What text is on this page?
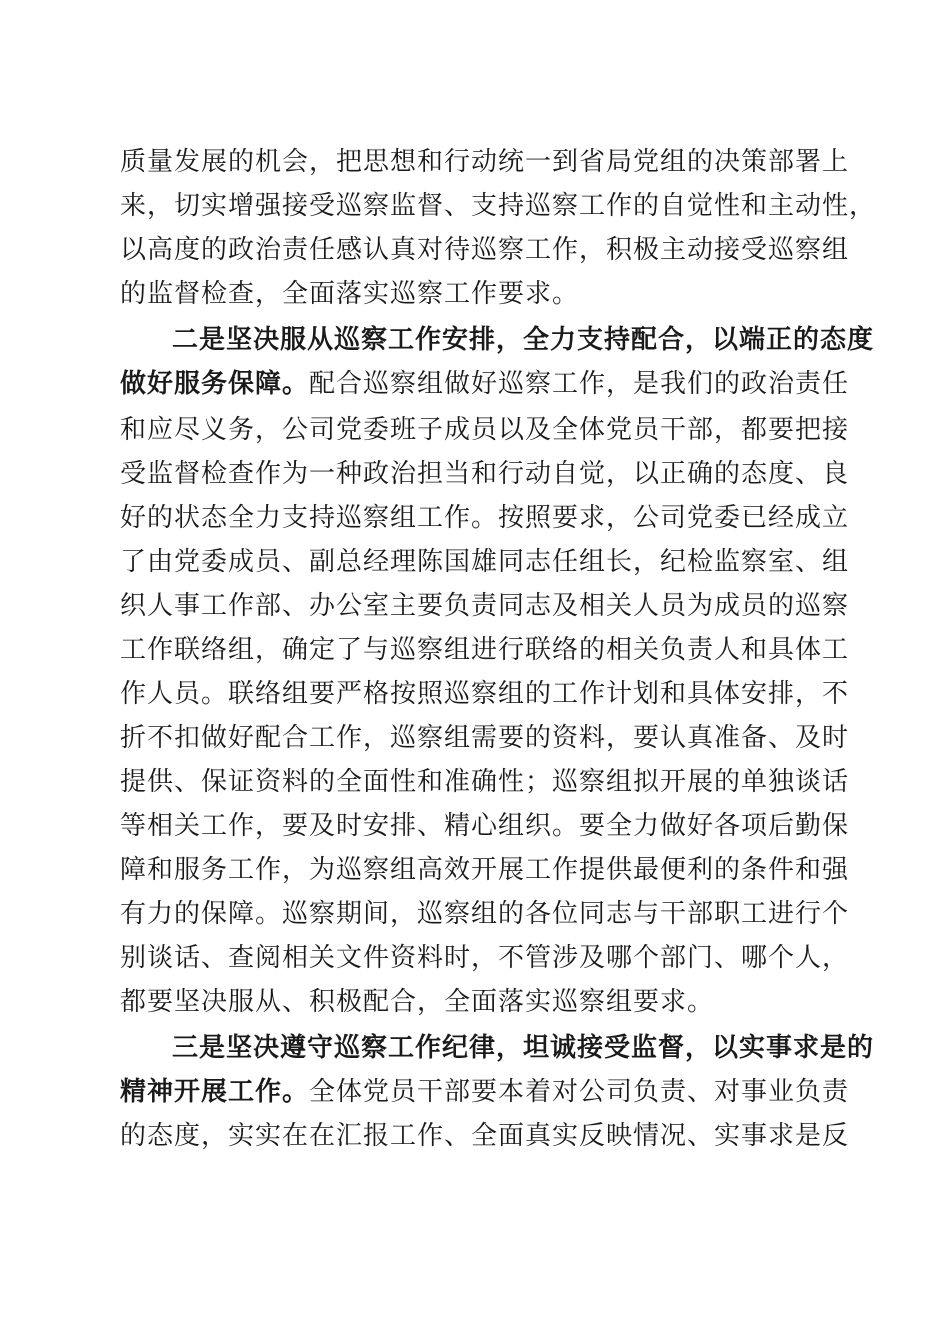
质量发展的机会，把思想和行动统一到省局党组的决策部署上
来，切实增强接受巡察监督、支持巡察工作的自觉性和主动性，
以高度的政治责任感认真对待巡察工作，积极主动接受巡察组
的监督检查，全面落实巡察工作要求。
二是坚决服从巡察工作安排，全力支持配合，以端正的态度
做好服务保障。配合巡察组做好巡察工作，是我们的政治责任
和应尽义务，公司党委班子成员以及全体党员干部，都要把接
受监督检查作为一种政治担当和行动自觉，以正确的态度、良
好的状态全力支持巡察组工作。按照要求，公司党委已经成立
了由党委成员、副总经理陈国雄同志任组长，纪检监察室、组
织人事工作部、办公室主要负责同志及相关人员为成员的巡察
工作联络组，确定了与巡察组进行联络的相关负责人和具体工
作人员。联络组要严格按照巡察组的工作计划和具体安排，不
折不扣做好配合工作，巡察组需要的资料，要认真准备、及时
提供、保证资料的全面性和准确性；巡察组拟开展的单独谈话
等相关工作，要及时安排、精心组织。要全力做好各项后勤保
障和服务工作，为巡察组高效开展工作提供最便利的条件和强
有力的保障。巡察期间，巡察组的各位同志与干部职工进行个
别谈话、查阅相关文件资料时，不管涉及哪个部门、哪个人，
都要坚决服从、积极配合，全面落实巡察组要求。
三是坚决遵守巡察工作纪律，坦诚接受监督，以实事求是的
精神开展工作。全体党员干部要本着对公司负责、对事业负责
的态度，实实在在汇报工作、全面真实反映情况、实事求是反
